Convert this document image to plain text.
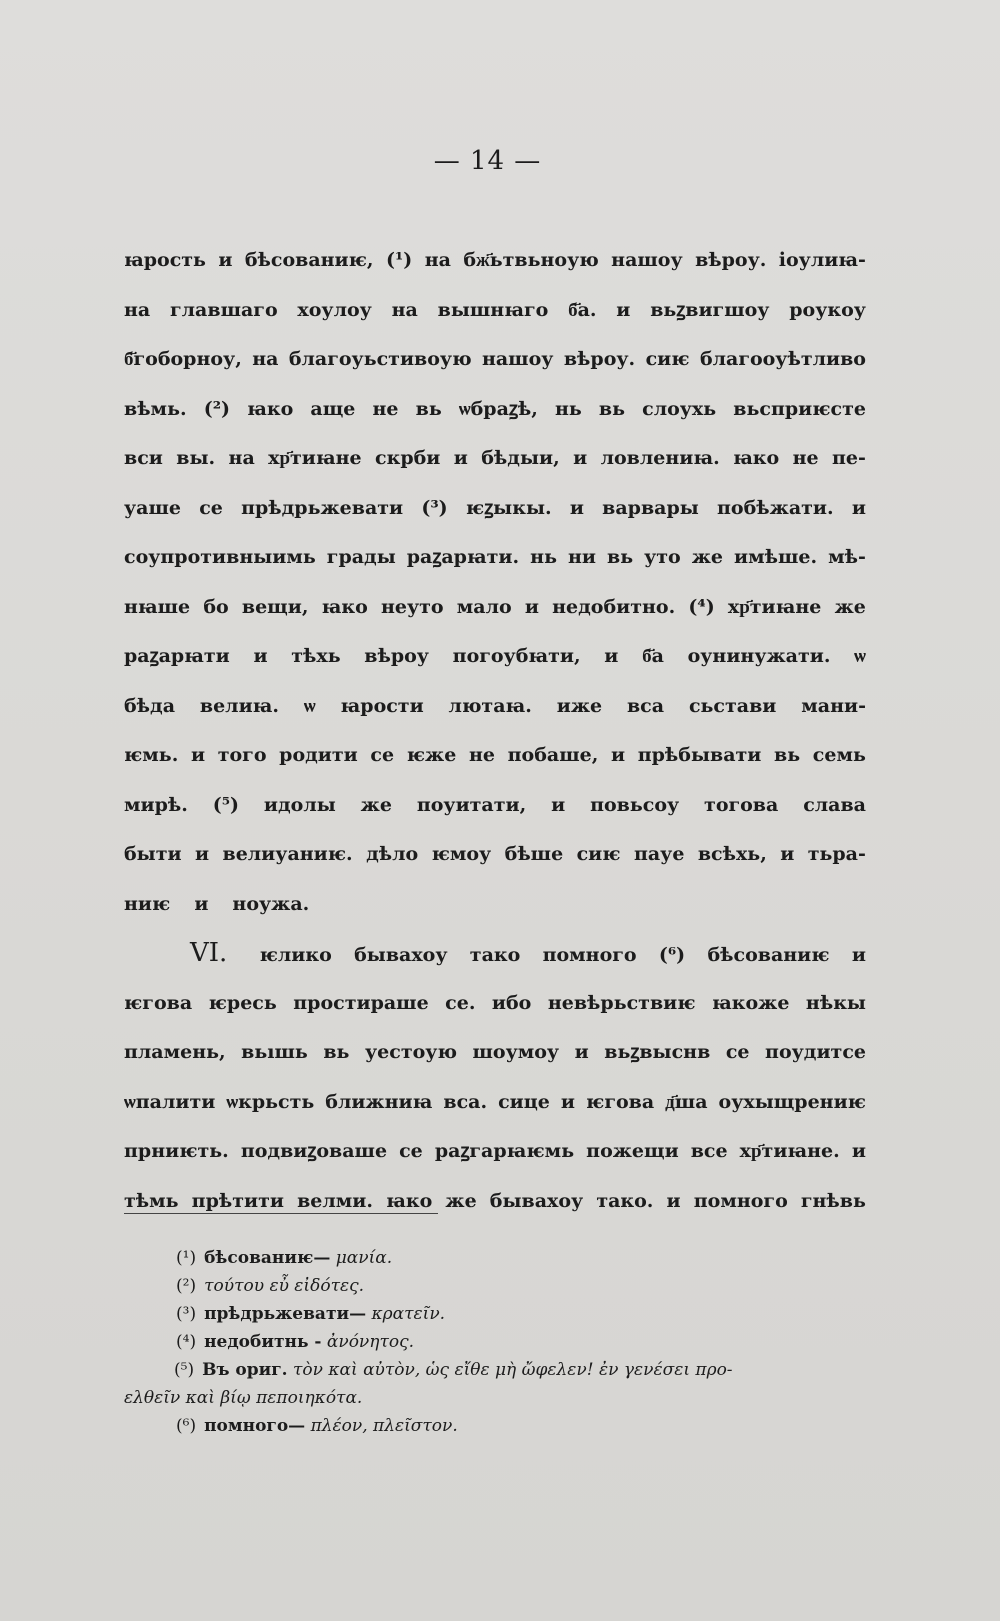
— 14 —
ꙗрость и бѣсованиѥ, (¹) на бж҃ьтвьноую нашоу вѣроу. іоулиꙗ-
на главшаго хоулоу на вышнꙗго б҃а. и вьꙁвигшоу роукоу
б҃гоборноу, на благоуьстивоую нашоу вѣроу. сиѥ благооуѣтливо
вѣмь. (²) ꙗко аще не вь ѡбраꙁѣ, нь вь слоухь вьсприѥсте
вси вы. на хр҃тиꙗне скрби и бѣдыи, и ловлениꙗ. ꙗко не пе-
уаше се прѣдрьжевати (³) ѥꙁыкы. и варвары побѣжати. и
соупротивныимь грады раꙁарꙗти. нь ни вь уто же имѣше. мѣ-
нꙗше бо вещи, ꙗко неуто мало и недобитно. (⁴) хр҃тиꙗне же
раꙁарꙗти и тѣхь вѣроу погоубꙗти, и б҃а оунинужати. ѡ
бѣда велиꙗ. ѡ ꙗрости лютаꙗ. иже вса сьстави мани-
ѥмь. и того родити се ѥже не побаше, и прѣбывати вь семь
мирѣ. (⁵) идолы же поуитати, и повьсоу тогова слава
быти и велиуаниѥ. дѣло ѥмоу бѣше сиѥ пауе всѣхь, и тьра-
ниѥ и ноужа.
VI. ѥлико бывахоу тако помного (⁶) бѣсованиѥ и
ѥгова ѥресь простираше се. ибо невѣрьствиѥ ꙗкоже нѣкы
пламень, вьıшь вь уестоую шоумоу и вьꙁвыснв се поудитсе
ѡпалити ѡкрьсть ближниꙗ вса. сице и ѥгова д҃ша оухыщрениѥ
прниѥть. подвиꙁоваше се раꙁгарꙗѥмь пожещи все хр҃тиꙗне. и
тѣмь прѣтити велми. ꙗко же бывахоу тако. и помного гнѣвь
(¹) бѣсованиѥ— μανία.
(²) τούτου εὖ εἰδότες.
(³) прѣдрьжевати— κρατεῖν.
(⁴) недобитнь - ἀνόνητος.
(⁵) Въ ориг. τὸν καὶ αὐτὸν, ὡς εἴθε μὴ ὤφελεν! ἐν γενέσει προ-
ελθεῖν καὶ βίῳ πεποιηκότα.
(⁶) помного— πλέον, πλεῖστον.
